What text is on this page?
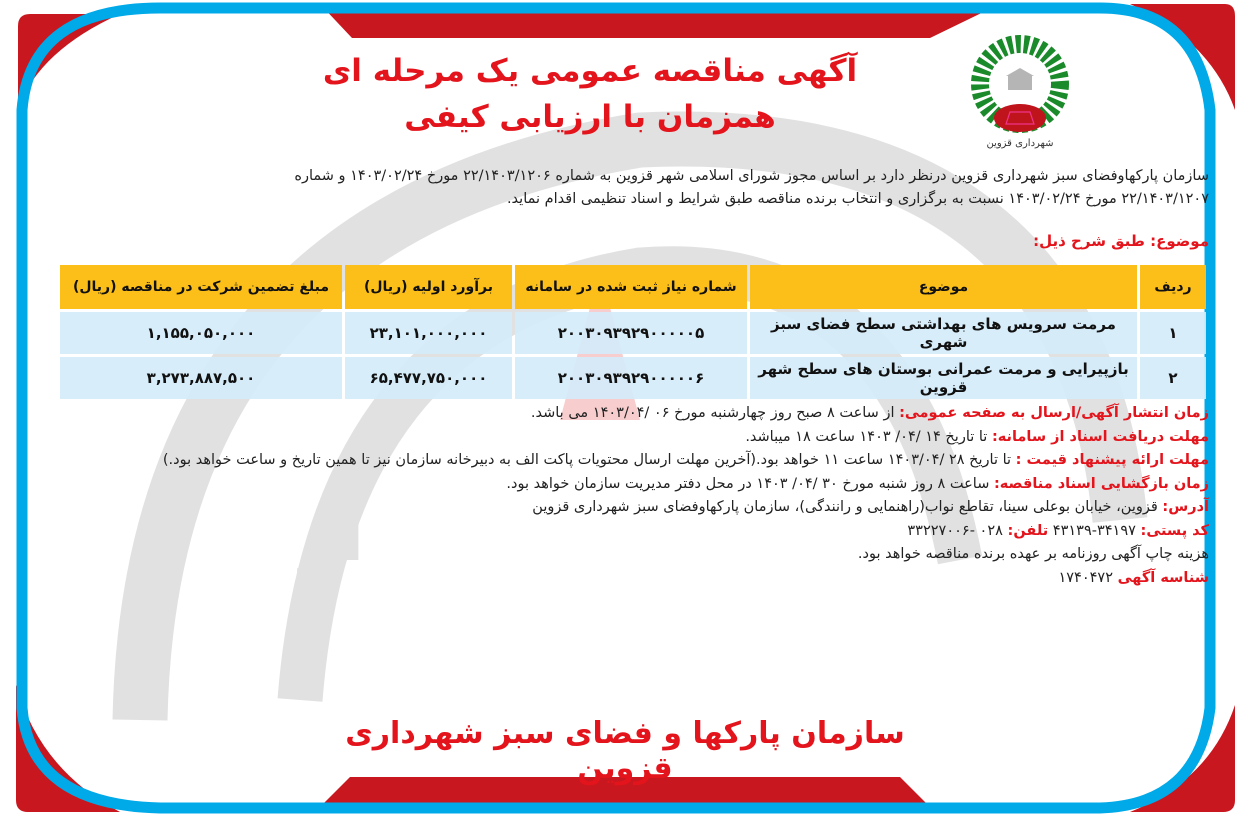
ار
شهرداری قزوین
آگهی مناقصه عمومی یک مرحله ای
همزمان با ارزیابی کیفی
سازمان پارکهاوفضای سبز شهرداری قزوین درنظر دارد بر اساس مجوز شورای اسلامی شهر قزوین به شماره ۲۲/۱۴۰۳/۱۲۰۶ مورخ ۱۴۰۳/۰۲/۲۴ و شماره
۲۲/۱۴۰۳/۱۲۰۷ مورخ ۱۴۰۳/۰۲/۲۴ نسبت به برگزاری و انتخاب برنده مناقصه طبق شرایط و اسناد تنظیمی اقدام نماید.
موضوع: طبق شرح ذیل:
ردیف	موضوع	شماره نیاز ثبت شده در سامانه	برآورد اولیه (ریال)	مبلغ تضمین شرکت در مناقصه (ریال)
۱	مرمت سرویس های بهداشتی سطح فضای سبز شهری	۲۰۰۳۰۹۳۹۲۹۰۰۰۰۰۵	۲۳,۱۰۱,۰۰۰,۰۰۰	۱,۱۵۵,۰۵۰,۰۰۰
۲	بازپیرایی و مرمت عمرانی بوستان های سطح شهر قزوین	۲۰۰۳۰۹۳۹۲۹۰۰۰۰۰۶	۶۵,۴۷۷,۷۵۰,۰۰۰	۳,۲۷۳,۸۸۷,۵۰۰
زمان انتشار آگهی/ارسال به صفحه عمومی: از ساعت ۸ صبح روز چهارشنبه مورخ ۰۶ /۱۴۰۳/۰۴ می باشد.
مهلت دریافت اسناد از سامانه: تا تاریخ ۱۴ /۰۴/ ۱۴۰۳ ساعت ۱۸ میباشد.
مهلت ارائه پیشنهاد قیمت : تا تاریخ ۲۸ /۱۴۰۳/۰۴ ساعت ۱۱ خواهد بود.(آخرین مهلت ارسال محتویات پاکت الف به دبیرخانه سازمان نیز تا همین تاریخ و ساعت خواهد بود.)
زمان بازگشایی اسناد مناقصه: ساعت ۸ روز شنبه مورخ ۳۰ /۰۴/ ۱۴۰۳ در محل دفتر مدیریت سازمان خواهد بود.
آدرس: قزوین، خیابان بوعلی سینا، تقاطع نواب(راهنمایی و رانندگی)، سازمان پارکهاوفضای سبز شهرداری قزوین
کد پستی: ۳۴۱۹۷-۴۳۱۳۹ تلفن: ۰۲۸ -۳۳۲۲۷۰۰۶
هزینه چاپ آگهی روزنامه بر عهده برنده مناقصه خواهد بود.
شناسه آگهی ۱۷۴۰۴۷۲
سازمان پارکها و فضای سبز شهرداری قزوین
